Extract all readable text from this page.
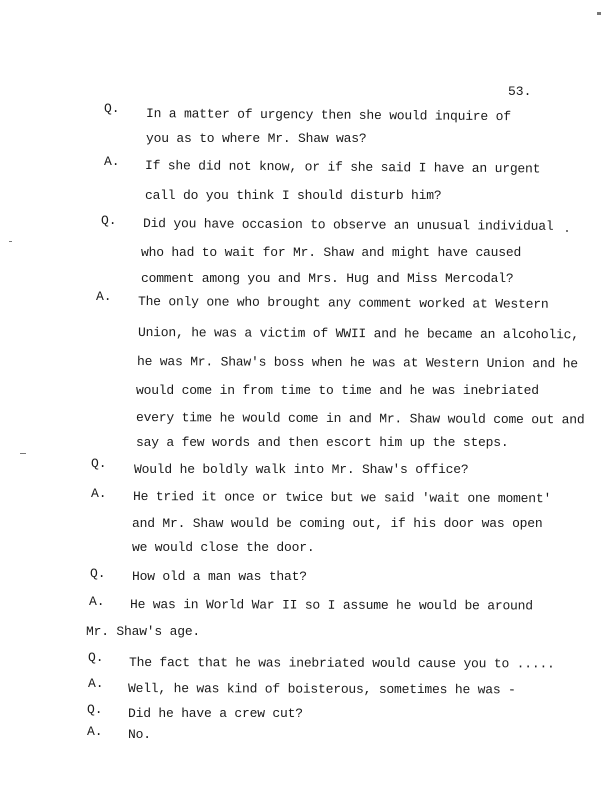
53.
Q. In a matter of urgency then she would inquire of
you as to where Mr. Shaw was?
A. If she did not know, or if she said I have an urgent
call do you think I should disturb him?
Q. Did you have occasion to observe an unusual individual
who had to wait for Mr. Shaw and might have caused
comment among you and Mrs. Hug and Miss Mercodal?
A. The only one who brought any comment worked at Western
Union, he was a victim of WWII and he became an alcoholic,
he was Mr. Shaw's boss when he was at Western Union and he
would come in from time to time and he was inebriated
every time he would come in and Mr. Shaw would come out and
say a few words and then escort him up the steps.
Q. Would he boldly walk into Mr. Shaw's office?
A. He tried it once or twice but we said 'wait one moment'
and Mr. Shaw would be coming out, if his door was open
we would close the door.
Q. How old a man was that?
A. He was in World War II so I assume he would be around
Mr. Shaw's age.
Q. The fact that he was inebriated would cause you to .....
A. Well, he was kind of boisterous, sometimes he was -
Q. Did he have a crew cut?
A. No.
